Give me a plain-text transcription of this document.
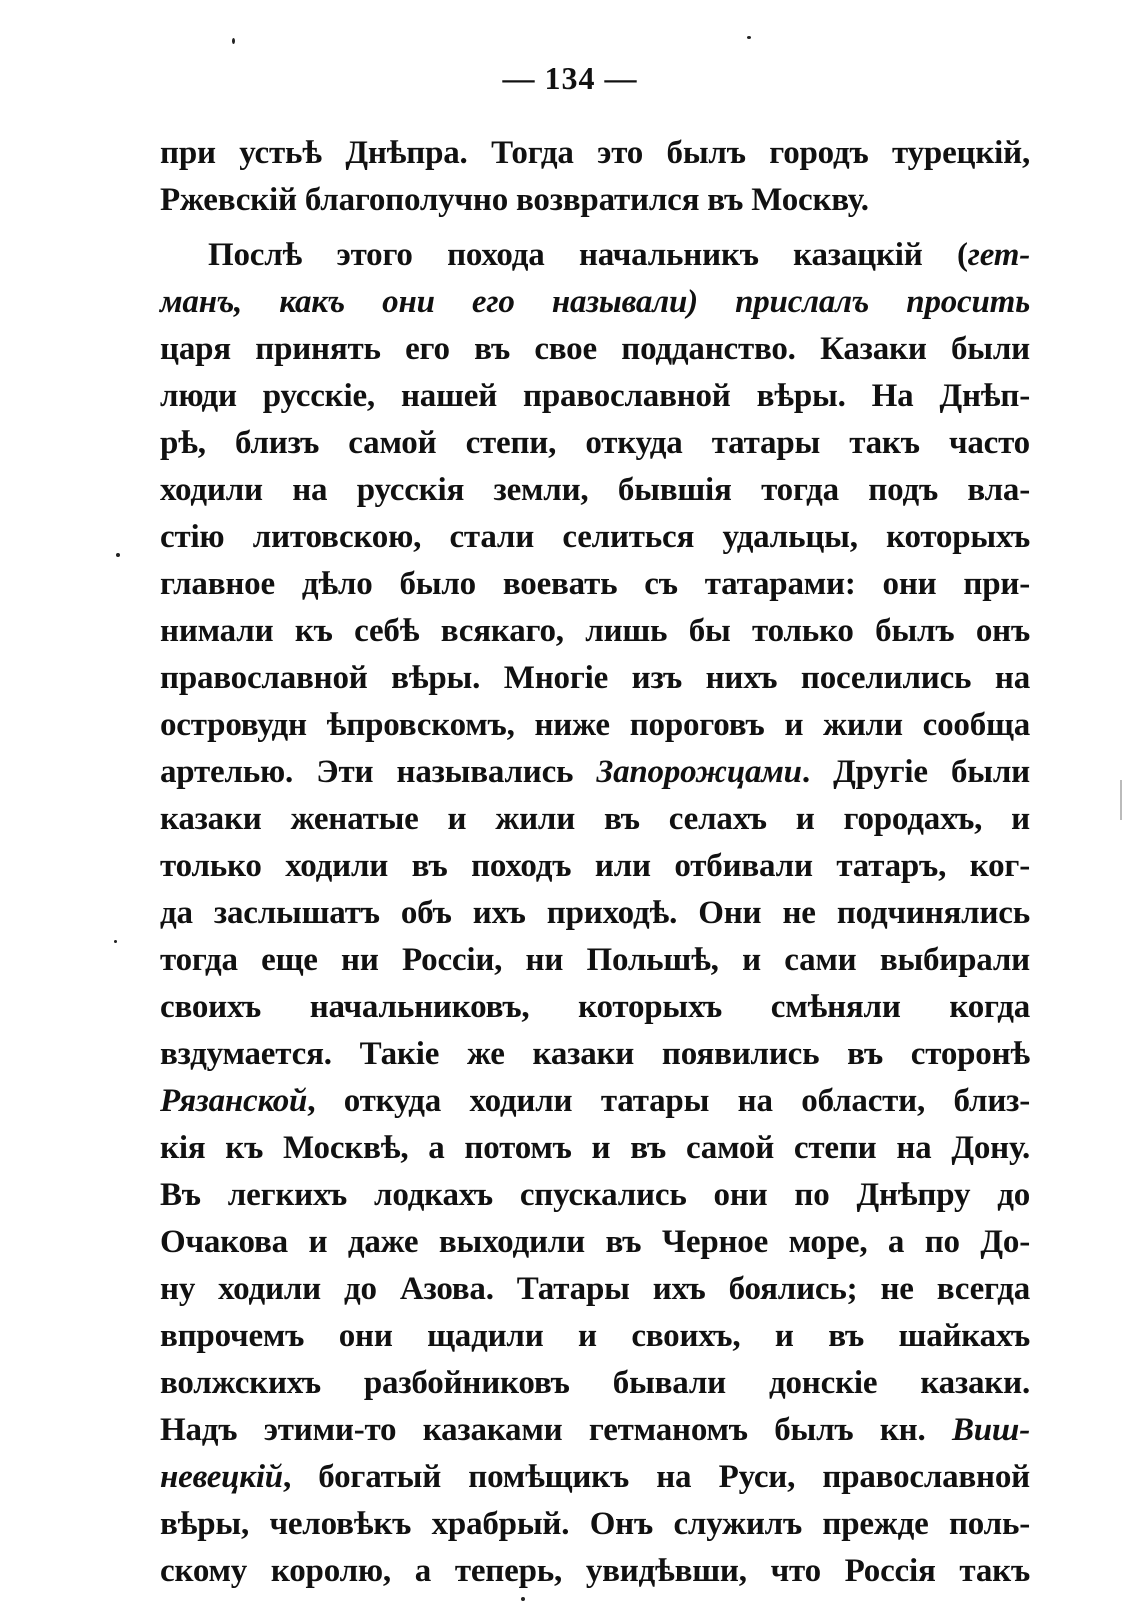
— 134 —
при устьѣ Днѣпра. Тогда это былъ городъ турецкій,
Ржевскій благополучно возвратился въ Москву.
Послѣ этого похода начальникъ казацкій (гет-
манъ, какъ они его называли) прислалъ просить
царя принять его въ свое подданство. Казаки были
люди русскіе, нашей православной вѣры. На Днѣп-
рѣ, близъ самой степи, откуда татары такъ часто
ходили на русскія земли, бывшія тогда подъ вла-
стію литовскою, стали селиться удальцы, которыхъ
главное дѣло было воевать съ татарами: они при-
нимали къ себѣ всякаго, лишь бы только былъ онъ
православной вѣры. Многіе изъ нихъ поселились на
островудн ѣпровскомъ, ниже пороговъ и жили сообща
артелью. Эти назывались Запорожцами. Другіе были
казаки женатые и жили въ селахъ и городахъ, и
только ходили въ походъ или отбивали татаръ, ког-
да заслышатъ объ ихъ приходѣ. Они не подчинялись
тогда еще ни Россіи, ни Польшѣ, и сами выбирали
своихъ начальниковъ, которыхъ смѣняли когда
вздумается. Такіе же казаки появились въ сторонѣ
Рязанской, откуда ходили татары на области, близ-
кія къ Москвѣ, а потомъ и въ самой степи на Дону.
Въ легкихъ лодкахъ спускались они по Днѣпру до
Очакова и даже выходили въ Черное море, а по До-
ну ходили до Азова. Татары ихъ боялись; не всегда
впрочемъ они щадили и своихъ, и въ шайкахъ
волжскихъ разбойниковъ бывали донскіе казаки.
Надъ этими-то казаками гетманомъ былъ кн. Виш-
невецкій, богатый помѣщикъ на Руси, православной
вѣры, человѣкъ храбрый. Онъ служилъ прежде поль-
скому королю, а теперь, увидѣвши, что Россія такъ
